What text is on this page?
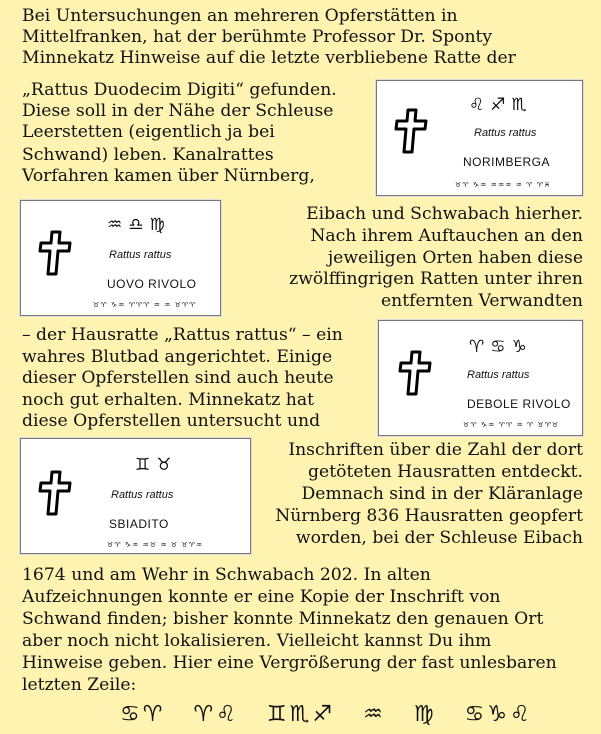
Bei Untersuchungen an mehreren Opferstätten in
Mittelfranken, hat der berühmte Professor Dr. Sponty
Minnekatz Hinweise auf die letzte verbliebene Ratte der
„Rattus Duodecim Digiti“ gefunden.
Diese soll in der Nähe der Schleuse
Leerstetten (eigentlich ja bei
Schwand) leben. Kanalrattes
Vorfahren kamen über Nürnberg,
Eibach und Schwabach hierher.
Nach ihrem Auftauchen an den
jeweiligen Orten haben diese
zwölffingrigen Ratten unter ihren
entfernten Verwandten
– der Hausratte „Rattus rattus“ – ein
wahres Blutbad angerichtet. Einige
dieser Opferstellen sind auch heute
noch gut erhalten. Minnekatz hat
diese Opferstellen untersucht und
Inschriften über die Zahl der dort
getöteten Hausratten entdeckt.
Demnach sind in der Kläranlage
Nürnberg 836 Hausratten geopfert
worden, bei der Schleuse Eibach
1674 und am Wehr in Schwabach 202. In alten
Aufzeichnungen konnte er eine Kopie der Inschrift von
Schwand finden; bisher konnte Minnekatz den genauen Ort
aber noch nicht lokalisieren. Vielleicht kannst Du ihm
Hinweise geben. Hier eine Vergrößerung der fast unlesbaren
letzten Zeile:
♌♐♏
Rattus rattus
NORIMBERGA
♉♈ ♑♒ ♒♒♒ ♒ ♈ ♈♓
♒♎♍
Rattus rattus
UOVO RIVOLO
♉♈ ♑♒ ♈♈♈ ♒ ♒ ♉♈♈
♈♋♑
Rattus rattus
DEBOLE RIVOLO
♉♈ ♑♒ ♈♈ ♒ ♈ ♉♈♉
♊♉
Rattus rattus
SBIADITO
♉♈ ♑♒ ♒♉ ♒ ♉ ♉♈♒
♋♈ ♈♌ ♊♏♐ ♒ ♍ ♋♑♌
